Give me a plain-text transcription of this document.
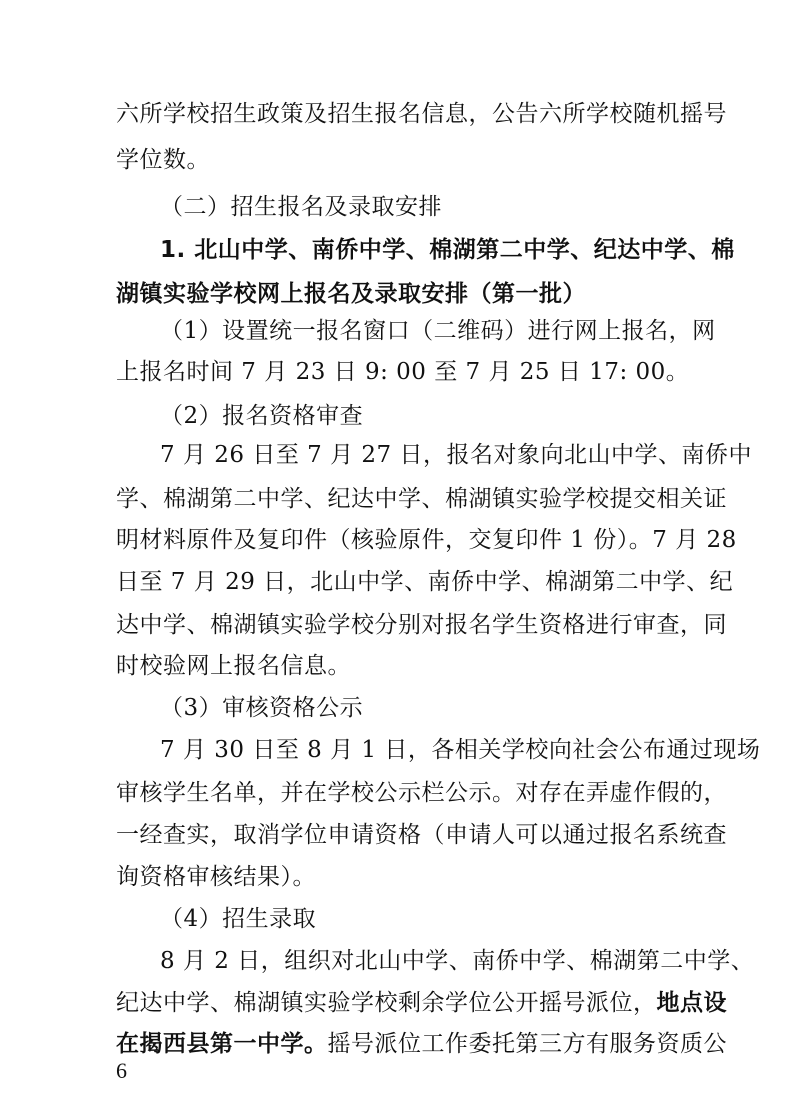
六所学校招生政策及招生报名信息，公告六所学校随机摇号
学位数。
（二）招生报名及录取安排
1. 北山中学、南侨中学、棉湖第二中学、纪达中学、棉
湖镇实验学校网上报名及录取安排（第一批）
（1）设置统一报名窗口（二维码）进行网上报名，网
上报名时间 7 月 23 日 9: 00 至 7 月 25 日 17: 00。
（2）报名资格审查
7 月 26 日至 7 月 27 日，报名对象向北山中学、南侨中
学、棉湖第二中学、纪达中学、棉湖镇实验学校提交相关证
明材料原件及复印件（核验原件，交复印件 1 份）。7 月 28
日至 7 月 29 日，北山中学、南侨中学、棉湖第二中学、纪
达中学、棉湖镇实验学校分别对报名学生资格进行审查，同
时校验网上报名信息。
（3）审核资格公示
7 月 30 日至 8 月 1 日，各相关学校向社会公布通过现场
审核学生名单，并在学校公示栏公示。对存在弄虚作假的，
一经查实，取消学位申请资格（申请人可以通过报名系统查
询资格审核结果）。
（4）招生录取
8 月 2 日，组织对北山中学、南侨中学、棉湖第二中学、
纪达中学、棉湖镇实验学校剩余学位公开摇号派位，地点设
在揭西县第一中学。摇号派位工作委托第三方有服务资质公
6
